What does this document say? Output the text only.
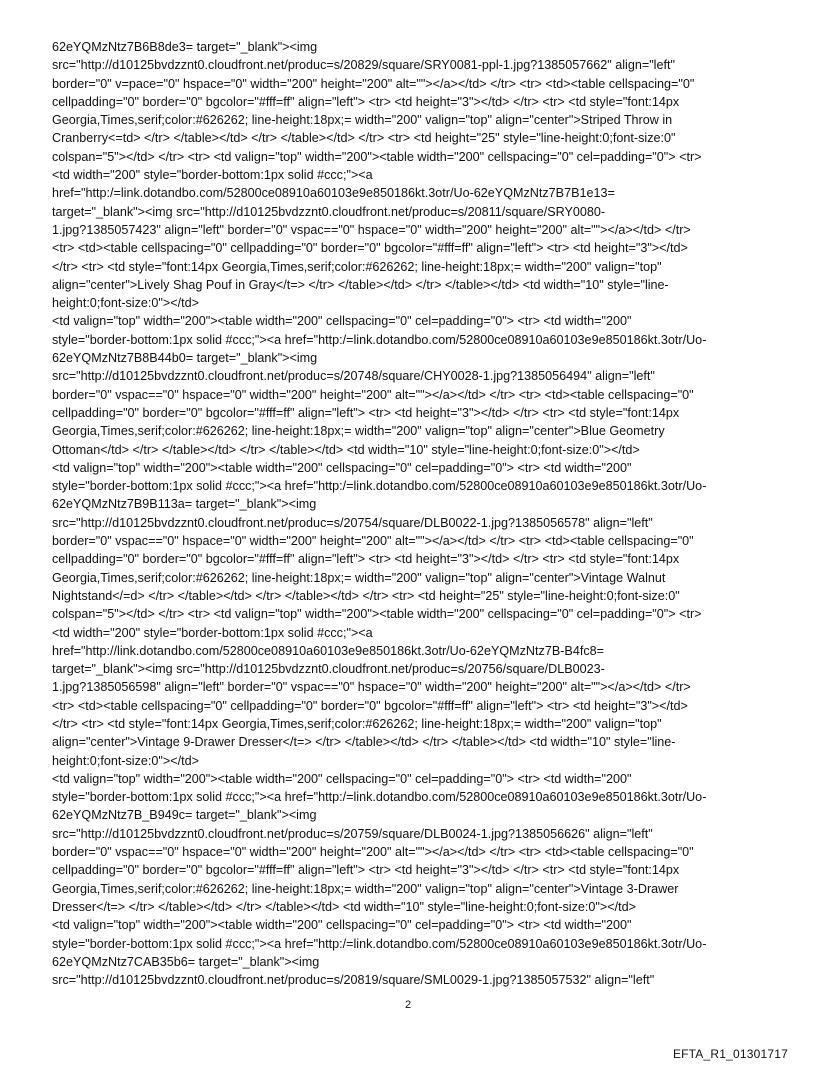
62eYQMzNtz7B6B8de3= target="_blank"><img
src="http://d10125bvdzznt0.cloudfront.net/produc=s/20829/square/SRY0081-ppl-1.jpg?1385057662" align="left"
border="0" v=pace="0" hspace="0" width="200" height="200" alt=""></a></td> </tr> <tr> <td><table cellspacing="0"
cellpadding="0" border="0" bgcolor="#fff=ff" align="left"> <tr> <td height="3"></td> </tr> <tr> <td style="font:14px
Georgia,Times,serif;color:#626262; line-height:18px;= width="200" valign="top" align="center">Striped Throw in
Cranberry<=td> </tr> </table></td> </tr> </table></td> </tr> <tr> <td height="25" style="line-height:0;font-size:0"
colspan="5"></td> </tr> <tr> <td valign="top" width="200"><table width="200" cellspacing="0" cel=padding="0"> <tr>
<td width="200" style="border-bottom:1px solid #ccc;"><a
href="http:/=link.dotandbo.com/52800ce08910a60103e9e850186kt.3otr/Uo-62eYQMzNtz7B7B1e13=
target="_blank"><img src="http://d10125bvdzznt0.cloudfront.net/produc=s/20811/square/SRY0080-
1.jpg?1385057423" align="left" border="0" vspac=="0" hspace="0" width="200" height="200" alt=""></a></td> </tr>
<tr> <td><table cellspacing="0" cellpadding="0" border="0" bgcolor="#fff=ff" align="left"> <tr> <td height="3"></td>
</tr> <tr> <td style="font:14px Georgia,Times,serif;color:#626262; line-height:18px;= width="200" valign="top"
align="center">Lively Shag Pouf in Gray</t=> </tr> </table></td> </tr> </table></td> <td width="10" style="line-
height:0;font-size:0"></td>
<td valign="top" width="200"><table width="200" cellspacing="0" cel=padding="0"> <tr> <td width="200"
style="border-bottom:1px solid #ccc;"><a href="http:/=link.dotandbo.com/52800ce08910a60103e9e850186kt.3otr/Uo-
62eYQMzNtz7B8B44b0= target="_blank"><img
src="http://d10125bvdzznt0.cloudfront.net/produc=s/20748/square/CHY0028-1.jpg?1385056494" align="left"
border="0" vspac=="0" hspace="0" width="200" height="200" alt=""></a></td> </tr> <tr> <td><table cellspacing="0"
cellpadding="0" border="0" bgcolor="#fff=ff" align="left"> <tr> <td height="3"></td> </tr> <tr> <td style="font:14px
Georgia,Times,serif;color:#626262; line-height:18px;= width="200" valign="top" align="center">Blue Geometry
Ottoman</td> </tr> </table></td> </tr> </table></td> <td width="10" style="line-height:0;font-size:0"></td>
<td valign="top" width="200"><table width="200" cellspacing="0" cel=padding="0"> <tr> <td width="200"
style="border-bottom:1px solid #ccc;"><a href="http:/=link.dotandbo.com/52800ce08910a60103e9e850186kt.3otr/Uo-
62eYQMzNtz7B9B113a= target="_blank"><img
src="http://d10125bvdzznt0.cloudfront.net/produc=s/20754/square/DLB0022-1.jpg?1385056578" align="left"
border="0" vspac=="0" hspace="0" width="200" height="200" alt=""></a></td> </tr> <tr> <td><table cellspacing="0"
cellpadding="0" border="0" bgcolor="#fff=ff" align="left"> <tr> <td height="3"></td> </tr> <tr> <td style="font:14px
Georgia,Times,serif;color:#626262; line-height:18px;= width="200" valign="top" align="center">Vintage Walnut
Nightstand</=d> </tr> </table></td> </tr> </table></td> </tr> <tr> <td height="25" style="line-height:0;font-size:0"
colspan="5"></td> </tr> <tr> <td valign="top" width="200"><table width="200" cellspacing="0" cel=padding="0"> <tr>
<td width="200" style="border-bottom:1px solid #ccc;"><a
href="http://link.dotandbo.com/52800ce08910a60103e9e850186kt.3otr/Uo-62eYQMzNtz7B-B4fc8=
target="_blank"><img src="http://d10125bvdzznt0.cloudfront.net/produc=s/20756/square/DLB0023-
1.jpg?1385056598" align="left" border="0" vspac=="0" hspace="0" width="200" height="200" alt=""></a></td> </tr>
<tr> <td><table cellspacing="0" cellpadding="0" border="0" bgcolor="#fff=ff" align="left"> <tr> <td height="3"></td>
</tr> <tr> <td style="font:14px Georgia,Times,serif;color:#626262; line-height:18px;= width="200" valign="top"
align="center">Vintage 9-Drawer Dresser</t=> </tr> </table></td> </tr> </table></td> <td width="10" style="line-
height:0;font-size:0"></td>
<td valign="top" width="200"><table width="200" cellspacing="0" cel=padding="0"> <tr> <td width="200"
style="border-bottom:1px solid #ccc;"><a href="http:/=link.dotandbo.com/52800ce08910a60103e9e850186kt.3otr/Uo-
62eYQMzNtz7B_B949c= target="_blank"><img
src="http://d10125bvdzznt0.cloudfront.net/produc=s/20759/square/DLB0024-1.jpg?1385056626" align="left"
border="0" vspac=="0" hspace="0" width="200" height="200" alt=""></a></td> </tr> <tr> <td><table cellspacing="0"
cellpadding="0" border="0" bgcolor="#fff=ff" align="left"> <tr> <td height="3"></td> </tr> <tr> <td style="font:14px
Georgia,Times,serif;color:#626262; line-height:18px;= width="200" valign="top" align="center">Vintage 3-Drawer
Dresser</t=> </tr> </table></td> </tr> </table></td> <td width="10" style="line-height:0;font-size:0"></td>
<td valign="top" width="200"><table width="200" cellspacing="0" cel=padding="0"> <tr> <td width="200"
style="border-bottom:1px solid #ccc;"><a href="http:/=link.dotandbo.com/52800ce08910a60103e9e850186kt.3otr/Uo-
62eYQMzNtz7CAB35b6= target="_blank"><img
src="http://d10125bvdzznt0.cloudfront.net/produc=s/20819/square/SML0029-1.jpg?1385057532" align="left"
2
EFTA_R1_01301717
